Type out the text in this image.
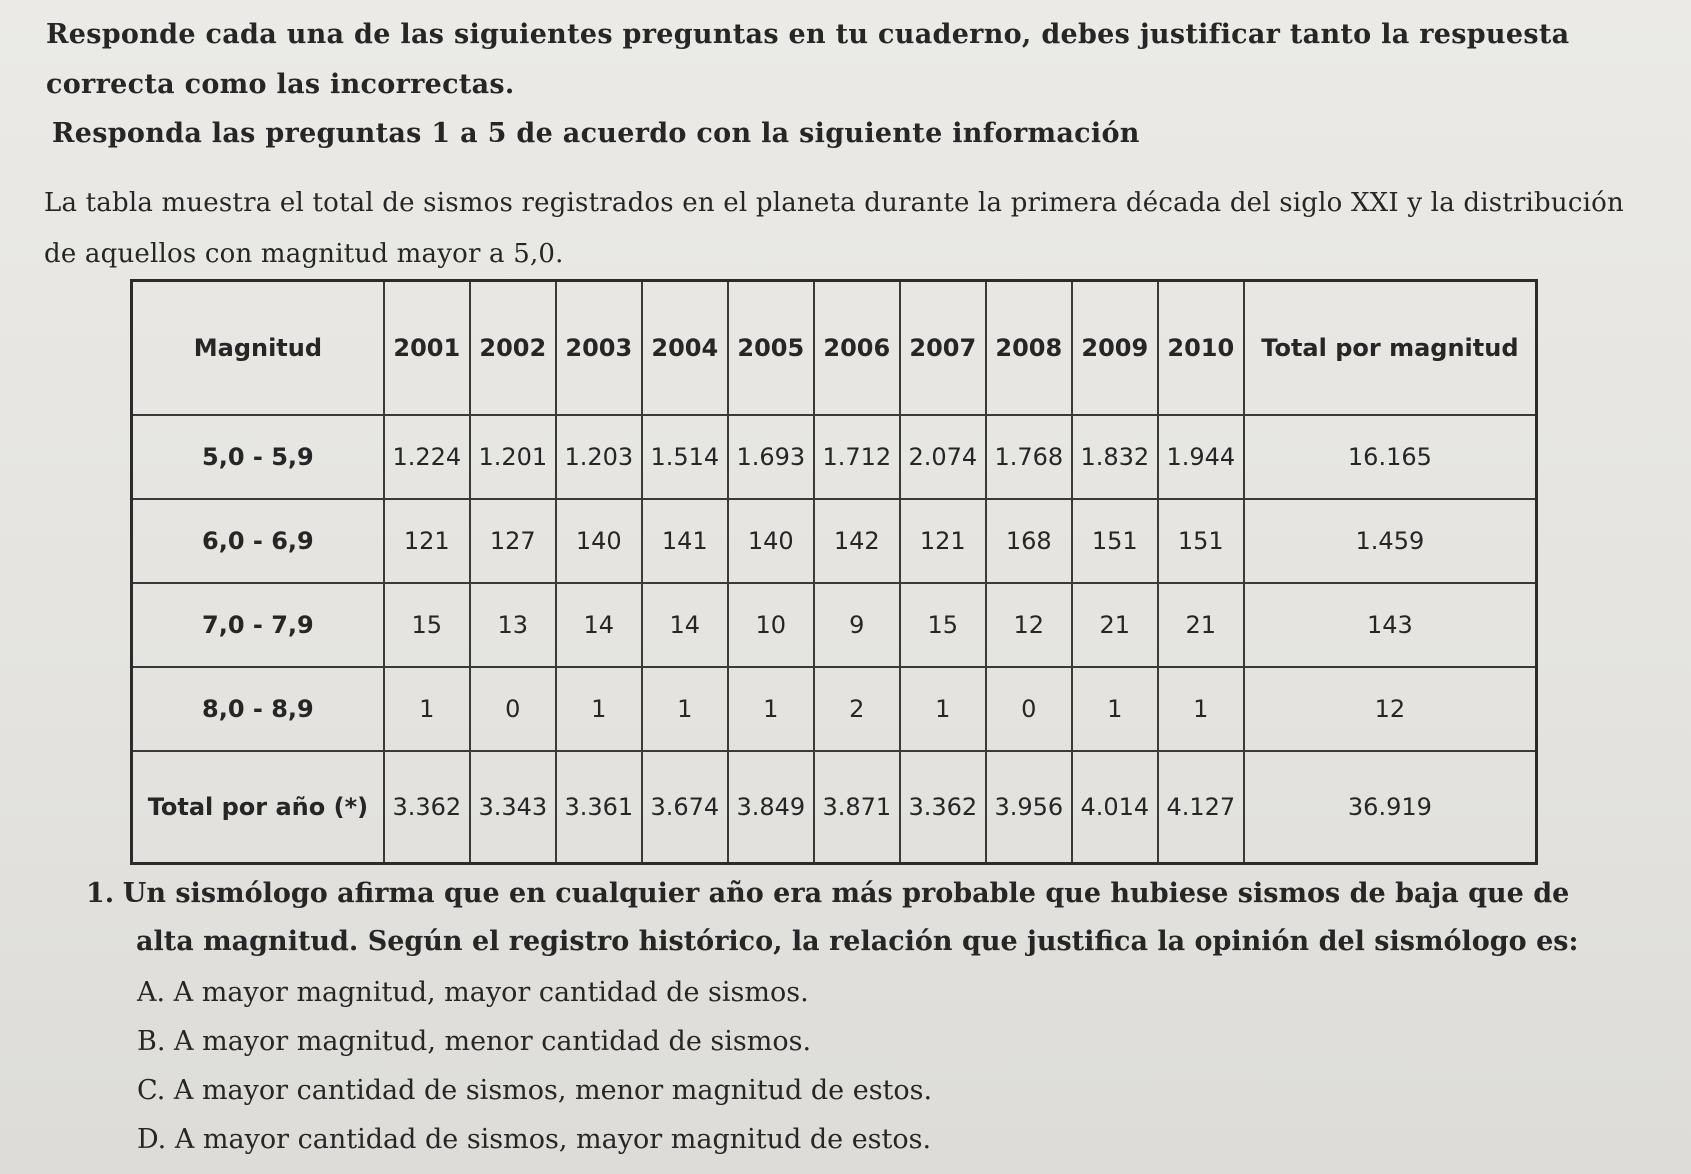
Responde cada una de las siguientes preguntas en tu cuaderno, debes justificar tanto la respuesta correcta como las incorrectas.
Responda las preguntas 1 a 5 de acuerdo con la siguiente información
La tabla muestra el total de sismos registrados en el planeta durante la primera década del siglo XXI y la distribución de aquellos con magnitud mayor a 5,0.
Magnitud	2001	2002	2003	2004	2005	2006	2007	2008	2009	2010	Total por magnitud
5,0 - 5,9	1.224	1.201	1.203	1.514	1.693	1.712	2.074	1.768	1.832	1.944	16.165
6,0 - 6,9	121	127	140	141	140	142	121	168	151	151	1.459
7,0 - 7,9	15	13	14	14	10	9	15	12	21	21	143
8,0 - 8,9	1	0	1	1	1	2	1	0	1	1	12
Total por año (*)	3.362	3.343	3.361	3.674	3.849	3.871	3.362	3.956	4.014	4.127	36.919
1. Un sismólogo afirma que en cualquier año era más probable que hubiese sismos de baja que de
alta magnitud. Según el registro histórico, la relación que justifica la opinión del sismólogo es:
A. A mayor magnitud, mayor cantidad de sismos.
B. A mayor magnitud, menor cantidad de sismos.
C. A mayor cantidad de sismos, menor magnitud de estos.
D. A mayor cantidad de sismos, mayor magnitud de estos.
